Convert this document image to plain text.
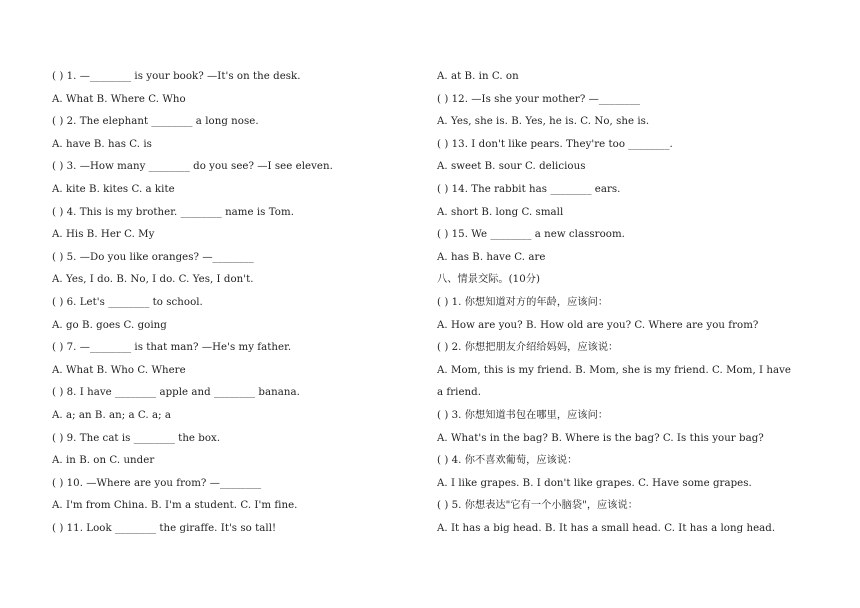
( ) 1. —________ is your book? —It's on the desk.
A. What B. Where C. Who
( ) 2. The elephant ________ a long nose.
A. have B. has C. is
( ) 3. —How many ________ do you see? —I see eleven.
A. kite B. kites C. a kite
( ) 4. This is my brother. ________ name is Tom.
A. His B. Her C. My
( ) 5. —Do you like oranges? —________
A. Yes, I do. B. No, I do. C. Yes, I don't.
( ) 6. Let's ________ to school.
A. go B. goes C. going
( ) 7. —________ is that man? —He's my father.
A. What B. Who C. Where
( ) 8. I have ________ apple and ________ banana.
A. a; an B. an; a C. a; a
( ) 9. The cat is ________ the box.
A. in B. on C. under
( ) 10. —Where are you from? —________
A. I'm from China. B. I'm a student. C. I'm fine.
( ) 11. Look ________ the giraffe. It's so tall!
A. at B. in C. on
( ) 12. —Is she your mother? —________
A. Yes, she is. B. Yes, he is. C. No, she is.
( ) 13. I don't like pears. They're too ________.
A. sweet B. sour C. delicious
( ) 14. The rabbit has ________ ears.
A. short B. long C. small
( ) 15. We ________ a new classroom.
A. has B. have C. are
八、情景交际。(10分)
( ) 1. 你想知道对方的年龄，应该问：
A. How are you? B. How old are you? C. Where are you from?
( ) 2. 你想把朋友介绍给妈妈，应该说：
A. Mom, this is my friend. B. Mom, she is my friend. C. Mom, I have
a friend.
( ) 3. 你想知道书包在哪里，应该问：
A. What's in the bag? B. Where is the bag? C. Is this your bag?
( ) 4. 你不喜欢葡萄，应该说：
A. I like grapes. B. I don't like grapes. C. Have some grapes.
( ) 5. 你想表达"它有一个小脑袋"，应该说：
A. It has a big head. B. It has a small head. C. It has a long head.
